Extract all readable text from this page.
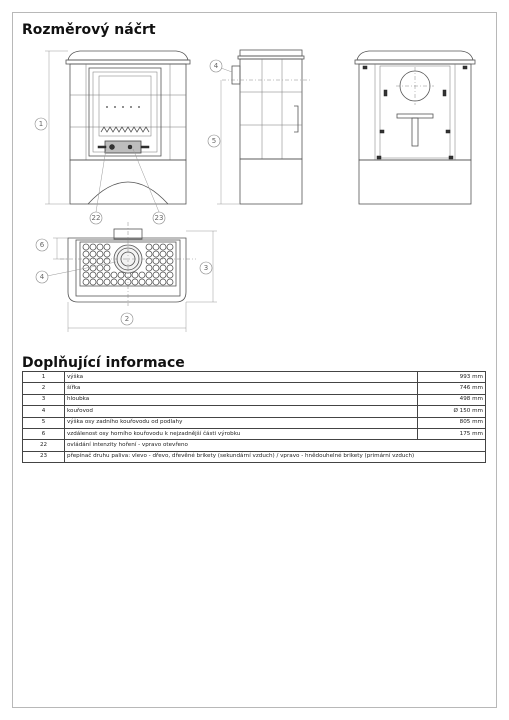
Rozměrový náčrt
1
22	23
4
5
6
4
3
2
Doplňující informace
1	výška	993 mm
2	šířka	746 mm
3	hloubka	498 mm
4	kouřovod	Ø 150 mm
5	výška osy zadního kouřovodu od podlahy	805 mm
6	vzdálenost osy horního kouřovodu k nejzadnější části výrobku	175 mm
22	ovládání intenzity hoření - vpravo otevřeno	
23	přepínač druhu paliva: vlevo - dřevo, dřevěné brikety (sekundární vzduch) / vpravo - hnědouhelné brikety (primární vzduch)	
